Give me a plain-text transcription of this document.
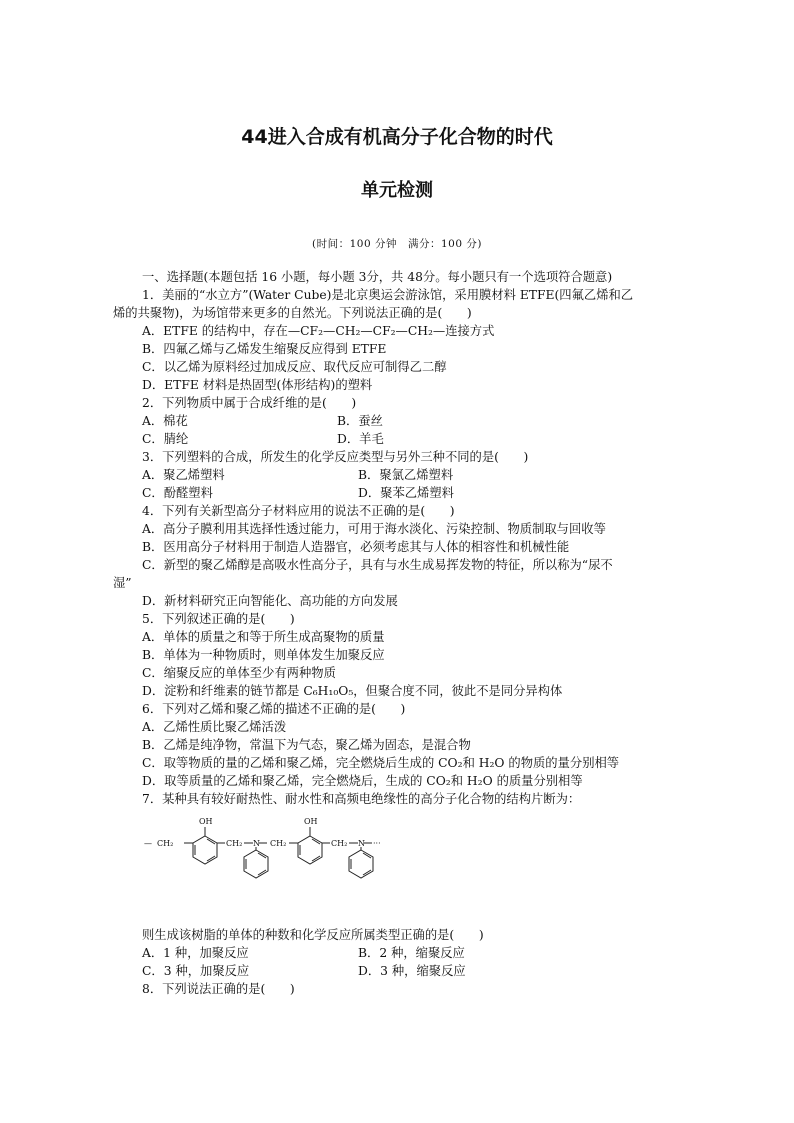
44进入合成有机高分子化合物的时代
单元检测
(时间：100 分钟　满分：100 分)
一、选择题(本题包括 16 小题，每小题 3分，共 48分。每小题只有一个选项符合题意)
1．美丽的“水立方”(Water Cube)是北京奥运会游泳馆，采用膜材料 ETFE(四氟乙烯和乙
烯的共聚物)，为场馆带来更多的自然光。下列说法正确的是(　　)
A．ETFE 的结构中，存在—CF₂—CH₂—CF₂—CH₂—连接方式
B．四氟乙烯与乙烯发生缩聚反应得到 ETFE
C．以乙烯为原料经过加成反应、取代反应可制得乙二醇
D．ETFE 材料是热固型(体形结构)的塑料
2．下列物质中属于合成纤维的是(　　)
A．棉花	B．蚕丝
C．腈纶	D．羊毛
3．下列塑料的合成，所发生的化学反应类型与另外三种不同的是(　　)
A．聚乙烯塑料	B．聚氯乙烯塑料
C．酚醛塑料	D．聚苯乙烯塑料
4．下列有关新型高分子材料应用的说法不正确的是(　　)
A．高分子膜利用其选择性透过能力，可用于海水淡化、污染控制、物质制取与回收等
B．医用高分子材料用于制造人造器官，必须考虑其与人体的相容性和机械性能
C．新型的聚乙烯醇是高吸水性高分子，具有与水生成易挥发物的特征，所以称为“尿不
湿”
D．新材料研究正向智能化、高功能的方向发展
5．下列叙述正确的是(　　)
A．单体的质量之和等于所生成高聚物的质量
B．单体为一种物质时，则单体发生加聚反应
C．缩聚反应的单体至少有两种物质
D．淀粉和纤维素的链节都是 C₆H₁₀O₅，但聚合度不同，彼此不是同分异构体
6．下列对乙烯和聚乙烯的描述不正确的是(　　)
A．乙烯性质比聚乙烯活泼
B．乙烯是纯净物，常温下为气态，聚乙烯为固态，是混合物
C．取等物质的量的乙烯和聚乙烯，完全燃烧后生成的 CO₂和 H₂O 的物质的量分别相等
D．取等质量的乙烯和聚乙烯，完全燃烧后，生成的 CO₂和 H₂O 的质量分别相等
7．某种具有较好耐热性、耐水性和高频电绝缘性的高分子化合物的结构片断为：
— CH₂
OH
CH₂ N CH₂
OH
CH₂ N ···
则生成该树脂的单体的种数和化学反应所属类型正确的是(　　)
A．1 种，加聚反应	B．2 种，缩聚反应
C．3 种，加聚反应	D．3 种，缩聚反应
8．下列说法正确的是(　　)
